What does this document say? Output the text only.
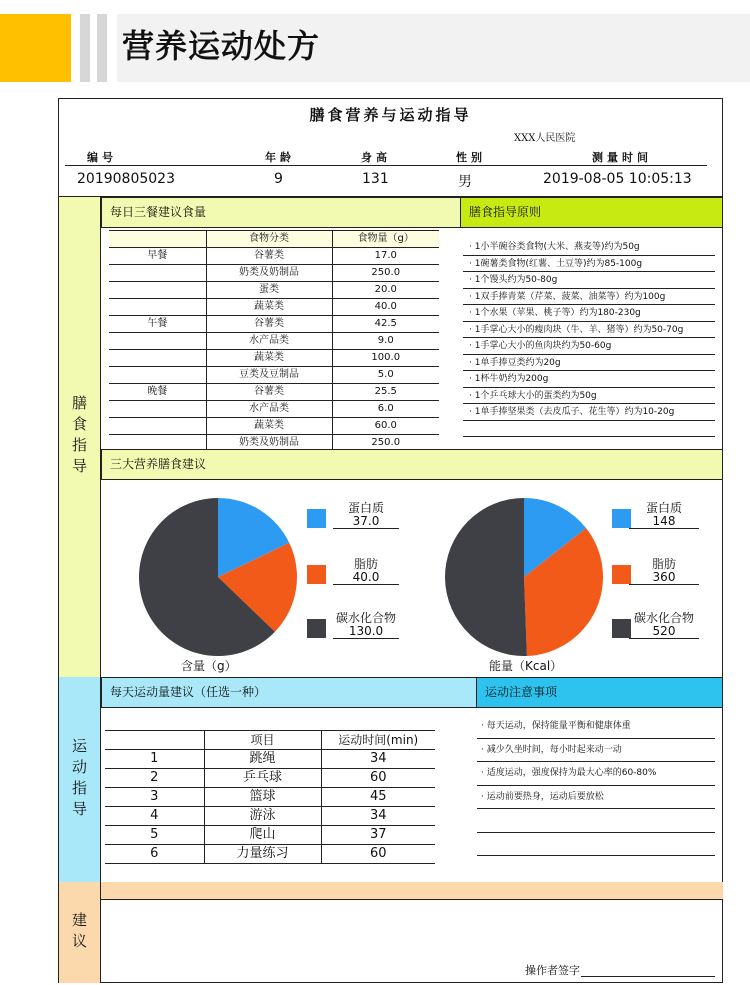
营养运动处方
膳食营养与运动指导
XXX人民医院
编号	年龄	身高	性别	测量时间
20190805023	9	131	男	2019-08-05 10:05:13
膳食指导
每日三餐建议食量	膳食指导原则
	食物分类	食物量（g）
早餐	谷薯类	17.0
	奶类及奶制品	250.0
	蛋类	20.0
	蔬菜类	40.0
午餐	谷薯类	42.5
	水产品类	9.0
	蔬菜类	100.0
	豆类及豆制品	5.0
晚餐	谷薯类	25.5
	水产品类	6.0
	蔬菜类	60.0
	奶类及奶制品	250.0
· 1小半碗谷类食物(大米、燕麦等)约为50g
· 1碗薯类食物(红薯、土豆等)约为85-100g
· 1个馒头约为50-80g
· 1双手捧青菜（芹菜、菠菜、油菜等）约为100g
· 1个水果（苹果、桃子等）约为180-230g
· 1手掌心大小的瘦肉块（牛、羊、猪等）约为50-70g
· 1手掌心大小的鱼肉块约为50-60g
· 1单手捧豆类约为20g
· 1杯牛奶约为200g
· 1个乒乓球大小的蛋类约为50g
· 1单手捧坚果类（去皮瓜子、花生等）约为10-20g
三大营养膳食建议
蛋白质
37.0
脂肪
40.0
碳水化合物
130.0
蛋白质
148
脂肪
360
碳水化合物
520
含量（g）	能量（Kcal）
运动指导
每天运动量建议（任选一种）	运动注意事项
	项目	运动时间(min)
1	跳绳	34
2	乒乓球	60
3	篮球	45
4	游泳	34
5	爬山	37
6	力量练习	60
· 每天运动，保持能量平衡和健康体重
· 减少久坐时间，每小时起来动一动
· 适度运动，强度保持为最大心率的60-80%
· 运动前要热身，运动后要放松
建议
操作者签字
